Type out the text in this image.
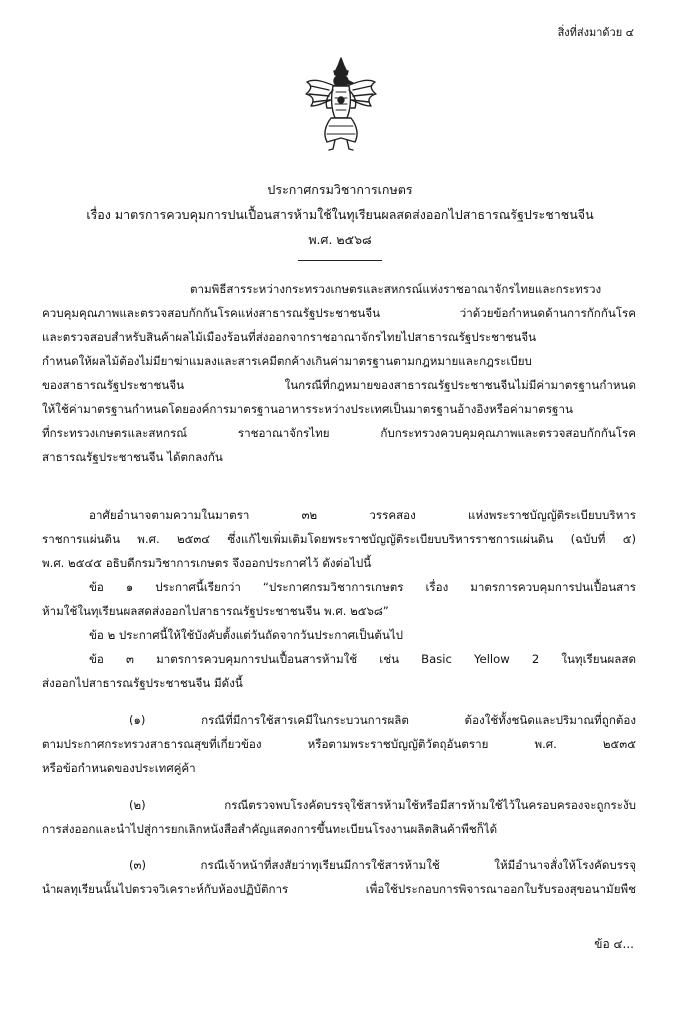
สิ่งที่ส่งมาด้วย ๔
ประกาศกรมวิชาการเกษตร
เรื่อง มาตรการควบคุมการปนเปื้อนสารห้ามใช้ในทุเรียนผลสดส่งออกไปสาธารณรัฐประชาชนจีน
พ.ศ. ๒๕๖๘
ตามพิธีสารระหว่างกระทรวงเกษตรและสหกรณ์แห่งราชอาณาจักรไทยและกระทรวง
ควบคุมคุณภาพและตรวจสอบกักกันโรคแห่งสาธารณรัฐประชาชนจีน ว่าด้วยข้อกำหนดด้านการกักกันโรค
และตรวจสอบสำหรับสินค้าผลไม้เมืองร้อนที่ส่งออกจากราชอาณาจักรไทยไปสาธารณรัฐประชาชนจีน
กำหนดให้ผลไม้ต้องไม่มียาฆ่าแมลงและสารเคมีตกค้างเกินค่ามาตรฐานตามกฎหมายและกฎระเบียบ
ของสาธารณรัฐประชาชนจีน ในกรณีที่กฎหมายของสาธารณรัฐประชาชนจีนไม่มีค่ามาตรฐานกำหนด
ให้ใช้ค่ามาตรฐานกำหนดโดยองค์การมาตรฐานอาหารระหว่างประเทศเป็นมาตรฐานอ้างอิงหรือค่ามาตรฐาน
ที่กระทรวงเกษตรและสหกรณ์ ราชอาณาจักรไทย กับกระทรวงควบคุมคุณภาพและตรวจสอบกักกันโรค
สาธารณรัฐประชาชนจีน ได้ตกลงกัน
อาศัยอำนาจตามความในมาตรา ๓๒ วรรคสอง แห่งพระราชบัญญัติระเบียบบริหาร
ราชการแผ่นดิน พ.ศ. ๒๕๓๔ ซึ่งแก้ไขเพิ่มเติมโดยพระราชบัญญัติระเบียบบริหารราชการแผ่นดิน (ฉบับที่ ๕)
พ.ศ. ๒๕๔๕ อธิบดีกรมวิชาการเกษตร จึงออกประกาศไว้ ดังต่อไปนี้
ข้อ ๑ ประกาศนี้เรียกว่า “ประกาศกรมวิชาการเกษตร เรื่อง มาตรการควบคุมการปนเปื้อนสาร
ห้ามใช้ในทุเรียนผลสดส่งออกไปสาธารณรัฐประชาชนจีน พ.ศ. ๒๕๖๘”
ข้อ ๒ ประกาศนี้ให้ใช้บังคับตั้งแต่วันถัดจากวันประกาศเป็นต้นไป
ข้อ ๓ มาตรการควบคุมการปนเปื้อนสารห้ามใช้ เช่น Basic Yellow 2 ในทุเรียนผลสด
ส่งออกไปสาธารณรัฐประชาชนจีน มีดังนี้
(๑) กรณีที่มีการใช้สารเคมีในกระบวนการผลิต ต้องใช้ทั้งชนิดและปริมาณที่ถูกต้อง
ตามประกาศกระทรวงสาธารณสุขที่เกี่ยวข้อง หรือตามพระราชบัญญัติวัตถุอันตราย พ.ศ. ๒๕๓๕
หรือข้อกำหนดของประเทศคู่ค้า
(๒) กรณีตรวจพบโรงคัดบรรจุใช้สารห้ามใช้หรือมีสารห้ามใช้ไว้ในครอบครองจะถูกระงับ
การส่งออกและนำไปสู่การยกเลิกหนังสือสำคัญแสดงการขึ้นทะเบียนโรงงานผลิตสินค้าพืชก็ได้
(๓) กรณีเจ้าหน้าที่สงสัยว่าทุเรียนมีการใช้สารห้ามใช้ ให้มีอำนาจสั่งให้โรงคัดบรรจุ
นำผลทุเรียนนั้นไปตรวจวิเคราะห์กับห้องปฏิบัติการ เพื่อใช้ประกอบการพิจารณาออกใบรับรองสุขอนามัยพืช
ข้อ ๔...
